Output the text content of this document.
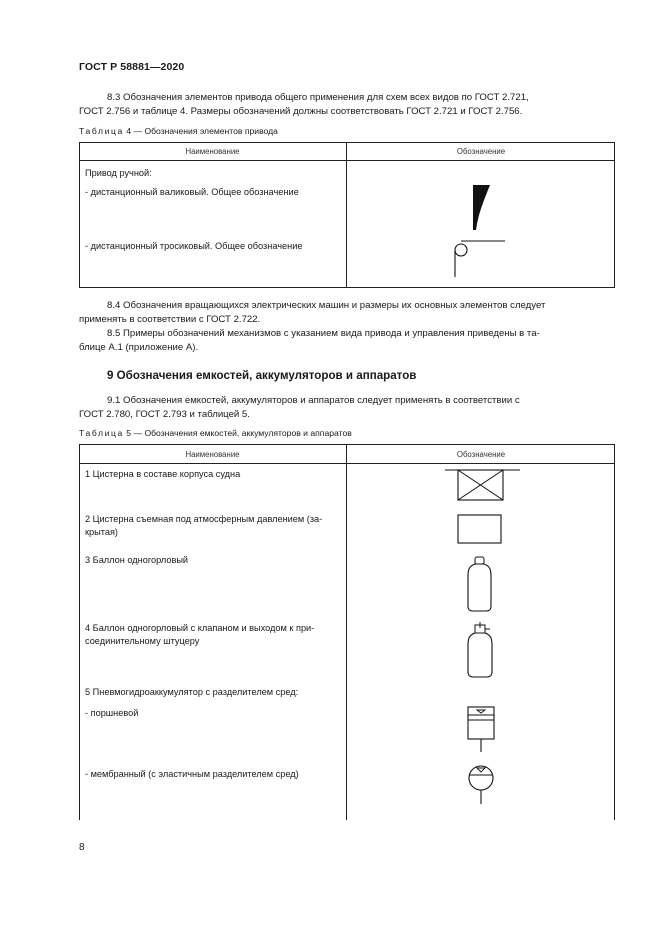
ГОСТ Р 58881—2020
8.3 Обозначения элементов привода общего применения для схем всех видов по ГОСТ 2.721,
ГОСТ 2.756 и таблице 4. Размеры обозначений должны соответствовать ГОСТ 2.721 и ГОСТ 2.756.
Таблица 4 — Обозначения элементов привода
Наименование	Обозначение
Привод ручной:
- дистанционный валиковый. Общее обозначение
- дистанционный тросиковый. Общее обозначение
8.4 Обозначения вращающихся электрических машин и размеры их основных элементов следует
применять в соответствии с ГОСТ 2.722.
8.5 Примеры обозначений механизмов с указанием вида привода и управления приведены в та-
блице А.1 (приложение А).
9 Обозначения емкостей, аккумуляторов и аппаратов
9.1 Обозначения емкостей, аккумуляторов и аппаратов следует применять в соответствии с
ГОСТ 2.780, ГОСТ 2.793 и таблицей 5.
Таблица 5 — Обозначения емкостей, аккумуляторов и аппаратов
Наименование	Обозначение
1 Цистерна в составе корпуса судна
2 Цистерна съемная под атмосферным давлением (за-
крытая)
3 Баллон одногорловый
4 Баллон одногорловый с клапаном и выходом к при-
соединительному штуцеру
5 Пневмогидроаккумулятор с разделителем сред:
- поршневой
- мембранный (с эластичным разделителем сред)
8
